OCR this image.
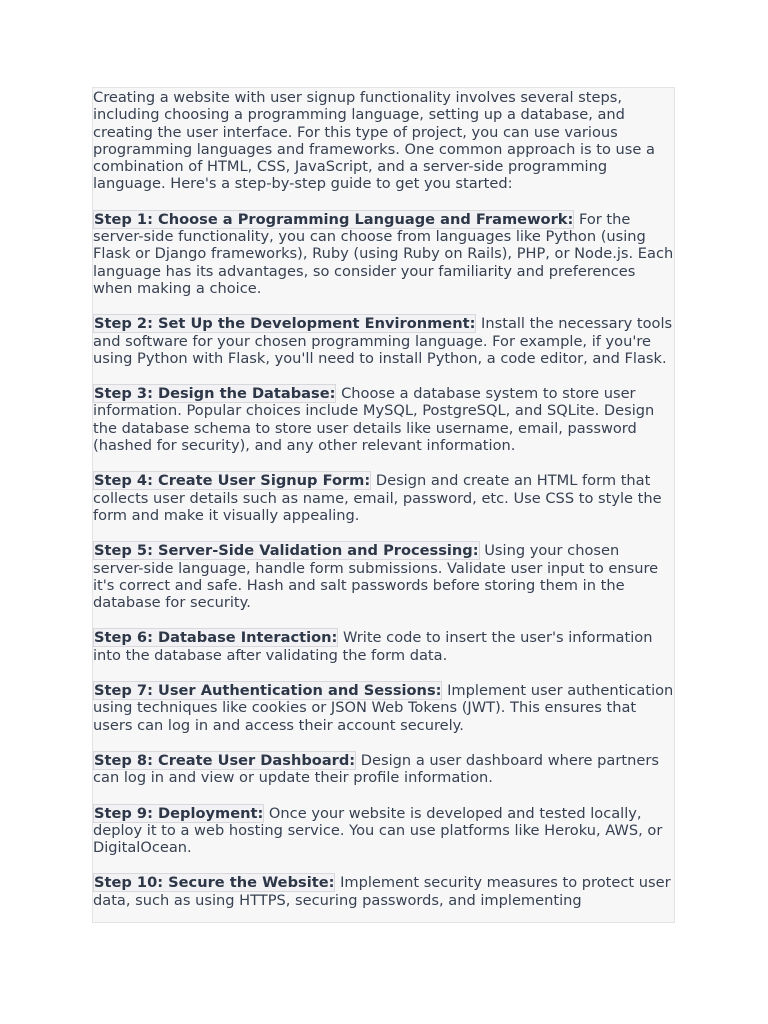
Creating a website with user signup functionality involves several steps, including choosing a programming language, setting up a database, and creating the user interface. For this type of project, you can use various programming languages and frameworks. One common approach is to use a combination of HTML, CSS, JavaScript, and a server-side programming language. Here's a step-by-step guide to get you started:

Step 1: Choose a Programming Language and Framework: For the server-side functionality, you can choose from languages like Python (using Flask or Django frameworks), Ruby (using Ruby on Rails), PHP, or Node.js. Each language has its advantages, so consider your familiarity and preferences when making a choice.

Step 2: Set Up the Development Environment: Install the necessary tools and software for your chosen programming language. For example, if you're using Python with Flask, you'll need to install Python, a code editor, and Flask.

Step 3: Design the Database: Choose a database system to store user information. Popular choices include MySQL, PostgreSQL, and SQLite. Design the database schema to store user details like username, email, password (hashed for security), and any other relevant information.

Step 4: Create User Signup Form: Design and create an HTML form that collects user details such as name, email, password, etc. Use CSS to style the form and make it visually appealing.

Step 5: Server-Side Validation and Processing: Using your chosen server-side language, handle form submissions. Validate user input to ensure it's correct and safe. Hash and salt passwords before storing them in the database for security.

Step 6: Database Interaction: Write code to insert the user's information into the database after validating the form data.

Step 7: User Authentication and Sessions: Implement user authentication using techniques like cookies or JSON Web Tokens (JWT). This ensures that users can log in and access their account securely.

Step 8: Create User Dashboard: Design a user dashboard where partners can log in and view or update their profile information.

Step 9: Deployment: Once your website is developed and tested locally, deploy it to a web hosting service. You can use platforms like Heroku, AWS, or DigitalOcean.

Step 10: Secure the Website: Implement security measures to protect user data, such as using HTTPS, securing passwords, and implementing
